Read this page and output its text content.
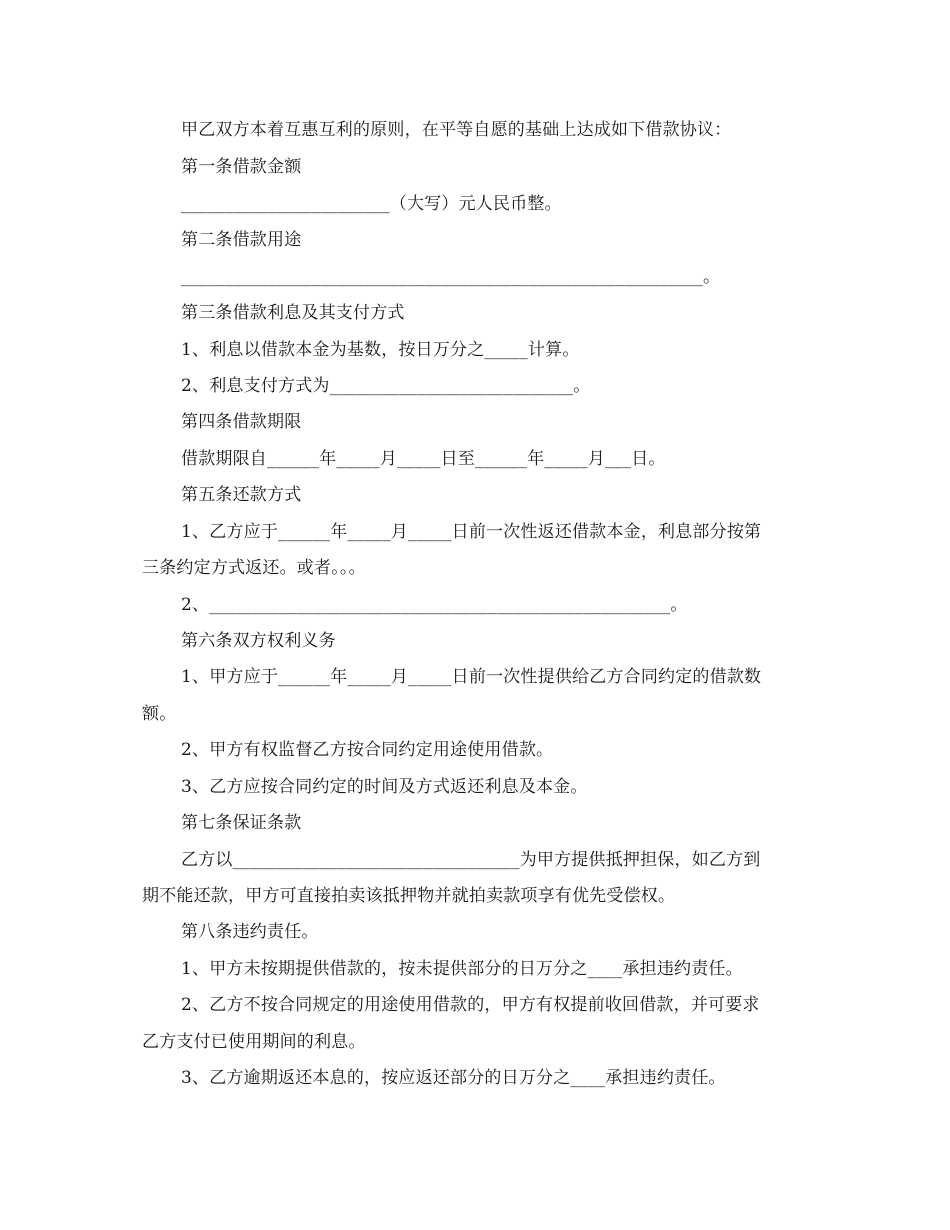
甲乙双方本着互惠互利的原则，在平等自愿的基础上达成如下借款协议：
第一条借款金额
________________________（大写）元人民币整。
第二条借款用途
____________________________________________________________。
第三条借款利息及其支付方式
1、利息以借款本金为基数，按日万分之_____计算。
2、利息支付方式为____________________________。
第四条借款期限
借款期限自______年_____月_____日至______年_____月___日。
第五条还款方式
1、乙方应于______年_____月_____日前一次性返还借款本金，利息部分按第
三条约定方式返还。或者。。。
2、_____________________________________________________。
第六条双方权利义务
1、甲方应于______年_____月_____日前一次性提供给乙方合同约定的借款数
额。
2、甲方有权监督乙方按合同约定用途使用借款。
3、乙方应按合同约定的时间及方式返还利息及本金。
第七条保证条款
乙方以_________________________________为甲方提供抵押担保，如乙方到
期不能还款，甲方可直接拍卖该抵押物并就拍卖款项享有优先受偿权。
第八条违约责任。
1、甲方未按期提供借款的，按未提供部分的日万分之____承担违约责任。
2、乙方不按合同规定的用途使用借款的，甲方有权提前收回借款，并可要求
乙方支付已使用期间的利息。
3、乙方逾期返还本息的，按应返还部分的日万分之____承担违约责任。
